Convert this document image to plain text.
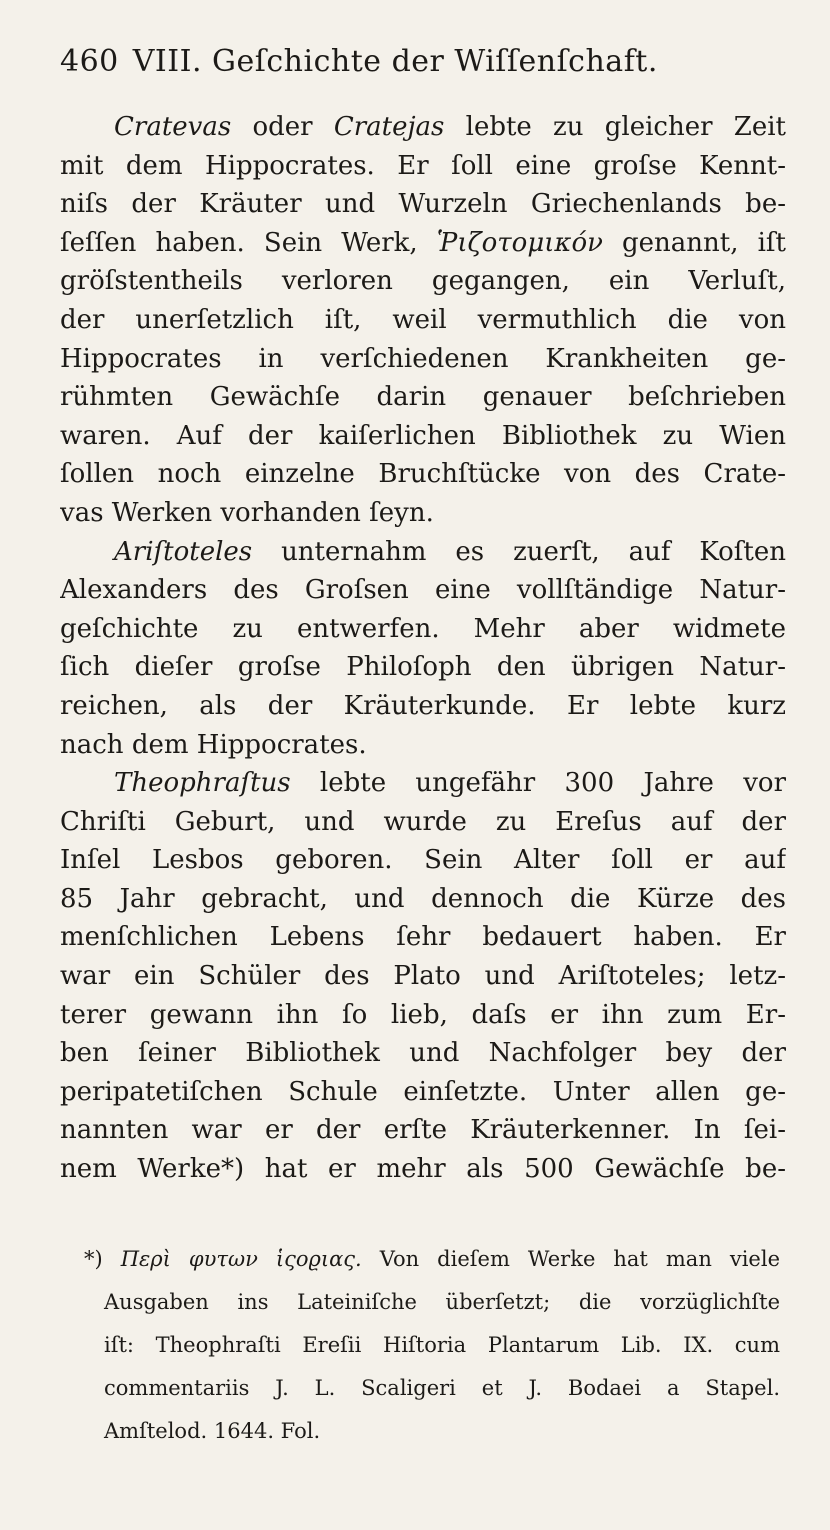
460 VIII. Geſchichte der Wiſſenſchaft.
Cratevas oder Cratejas lebte zu gleicher Zeit
mit dem Hippocrates. Er ſoll eine groſse Kennt-
niſs der Kräuter und Wurzeln Griechenlands be-
ſeſſen haben. Sein Werk, Ῥιζοτομικόν genannt, iſt
gröſstentheils verloren gegangen, ein Verluſt,
der unerſetzlich iſt, weil vermuthlich die von
Hippocrates in verſchiedenen Krankheiten ge-
rühmten Gewächſe darin genauer beſchrieben
waren. Auf der kaiſerlichen Bibliothek zu Wien
ſollen noch einzelne Bruchſtücke von des Crate-
vas Werken vorhanden ſeyn.
Ariſtoteles unternahm es zuerſt, auf Koſten
Alexanders des Groſsen eine vollſtändige Natur-
geſchichte zu entwerfen. Mehr aber widmete
ſich dieſer groſse Philoſoph den übrigen Natur-
reichen, als der Kräuterkunde. Er lebte kurz
nach dem Hippocrates.
Theophraſtus lebte ungefähr 300 Jahre vor
Chriſti Geburt, und wurde zu Ereſus auf der
Inſel Lesbos geboren. Sein Alter ſoll er auf
85 Jahr gebracht, und dennoch die Kürze des
menſchlichen Lebens ſehr bedauert haben. Er
war ein Schüler des Plato und Ariſtoteles; letz-
terer gewann ihn ſo lieb, daſs er ihn zum Er-
ben ſeiner Bibliothek und Nachfolger bey der
peripatetiſchen Schule einſetzte. Unter allen ge-
nannten war er der erſte Kräuterkenner. In ſei-
nem Werke*) hat er mehr als 500 Gewächſe be-
*) Περὶ φυτων ἱςοϱιας. Von dieſem Werke hat man viele
Ausgaben ins Lateiniſche überſetzt; die vorzüglichſte
iſt: Theophraſti Ereſii Hiſtoria Plantarum Lib. IX. cum
commentariis J. L. Scaligeri et J. Bodaei a Stapel.
Amſtelod. 1644. Fol.
